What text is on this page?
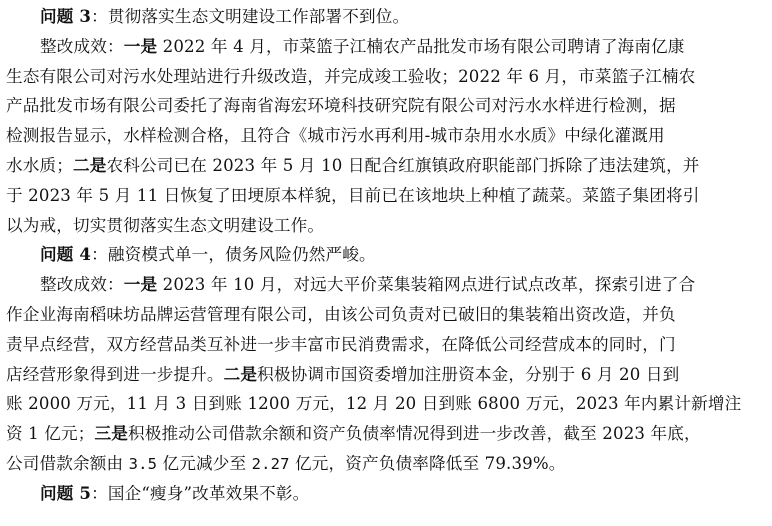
问题 3：贯彻落实生态文明建设工作部署不到位。
整改成效：一是 2022 年 4 月，市菜篮子江楠农产品批发市场有限公司聘请了海南亿康
生态有限公司对污水处理站进行升级改造，并完成竣工验收；2022 年 6 月，市菜篮子江楠农
产品批发市场有限公司委托了海南省海宏环境科技研究院有限公司对污水水样进行检测，据
检测报告显示，水样检测合格，且符合《城市污水再利用-城市杂用水水质》中绿化灌溉用
水水质；二是农科公司已在 2023 年 5 月 10 日配合红旗镇政府职能部门拆除了违法建筑，并
于 2023 年 5 月 11 日恢复了田埂原本样貌，目前已在该地块上种植了蔬菜。菜篮子集团将引
以为戒，切实贯彻落实生态文明建设工作。
问题 4：融资模式单一，债务风险仍然严峻。
整改成效：一是 2023 年 10 月，对远大平价菜集装箱网点进行试点改革，探索引进了合
作企业海南稻味坊品牌运营管理有限公司，由该公司负责对已破旧的集装箱出资改造，并负
责早点经营，双方经营品类互补进一步丰富市民消费需求，在降低公司经营成本的同时，门
店经营形象得到进一步提升。二是积极协调市国资委增加注册资本金，分别于 6 月 20 日到
账 2000 万元，11 月 3 日到账 1200 万元，12 月 20 日到账 6800 万元，2023 年内累计新增注
资 1 亿元；三是积极推动公司借款余额和资产负债率情况得到进一步改善，截至 2023 年底，
公司借款余额由 3.5 亿元减少至 2.27 亿元，资产负债率降低至 79.39%。
问题 5：国企“瘦身”改革效果不彰。
